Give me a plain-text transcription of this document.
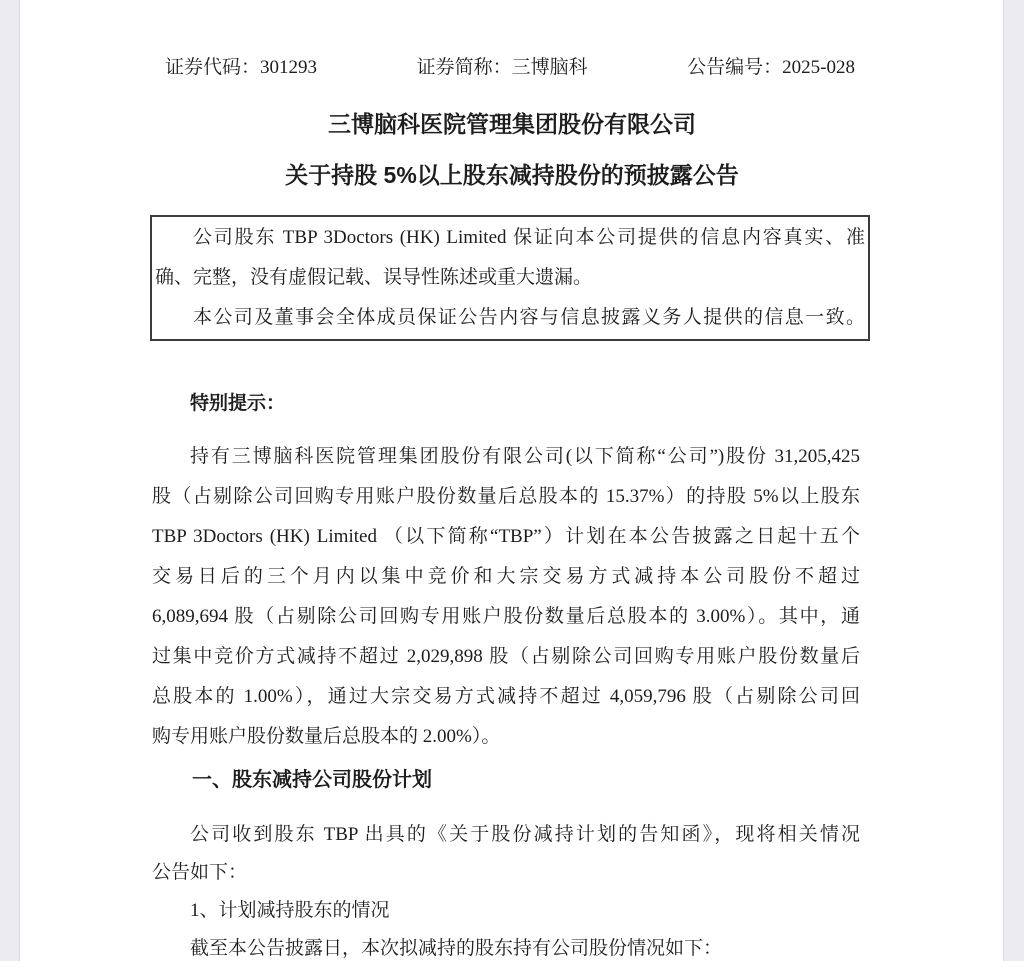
证券代码：301293	证券简称：三博脑科	公告编号：2025-028
三博脑科医院管理集团股份有限公司
关于持股 5%以上股东减持股份的预披露公告
公司股东 TBP 3Doctors (HK) Limited 保证向本公司提供的信息内容真实、准
确、完整，没有虚假记载、误导性陈述或重大遗漏。
本公司及董事会全体成员保证公告内容与信息披露义务人提供的信息一致。
特别提示：
持有三博脑科医院管理集团股份有限公司(以下简称“公司”)股份 31,205,425
股（占剔除公司回购专用账户股份数量后总股本的 15.37%）的持股 5%以上股东
TBP 3Doctors (HK) Limited （以下简称“TBP”）计划在本公告披露之日起十五个
交易日后的三个月内以集中竞价和大宗交易方式减持本公司股份不超过
6,089,694 股（占剔除公司回购专用账户股份数量后总股本的 3.00%）。其中，通
过集中竞价方式减持不超过 2,029,898 股（占剔除公司回购专用账户股份数量后
总股本的 1.00%），通过大宗交易方式减持不超过 4,059,796 股（占剔除公司回
购专用账户股份数量后总股本的 2.00%）。
一、股东减持公司股份计划
公司收到股东 TBP 出具的《关于股份减持计划的告知函》，现将相关情况
公告如下：
1、计划减持股东的情况
截至本公告披露日，本次拟减持的股东持有公司股份情况如下：
